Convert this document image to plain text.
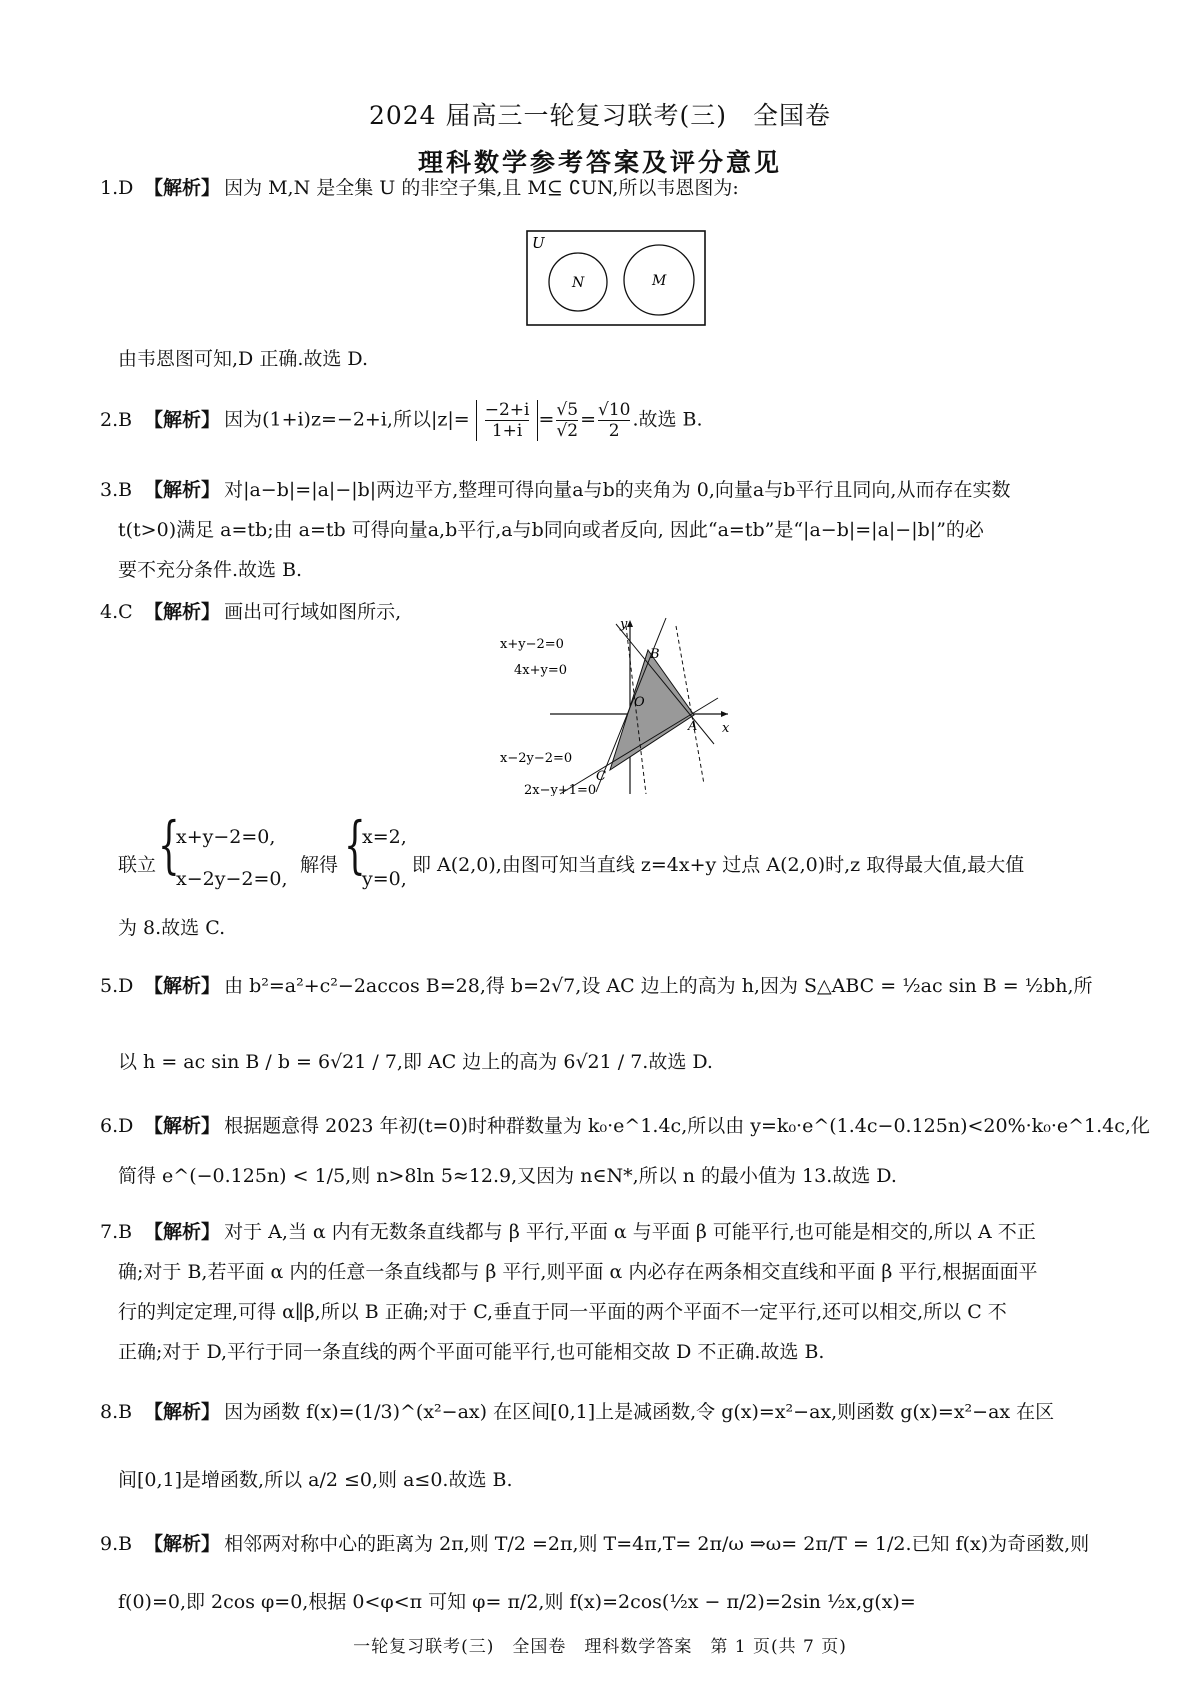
2024 届高三一轮复习联考(三)　全国卷
理科数学参考答案及评分意见
1.D 【解析】 因为 M,N 是全集 U 的非空子集,且 M⊆ ∁UN,所以韦恩图为:
U
N	M
由韦恩图可知,D 正确.故选 D.
2.B 【解析】 因为(1+i)z=−2+i,所以$|z|= \frac{-2+i}{1+i} = \frac{√5}{√2} = \frac{√10}{2}$ .故选 B.
3.B 【解析】 对|a−b|=|a|−|b|两边平方,整理可得向量a与b的夹角为 0,向量a与b平行且同向,从而存在实数
t(t>0)满足 a=tb;由 a=tb 可得向量a,b平行,a与b同向或者反向, 因此“a=tb”是“|a−b|=|a|−|b|”的必
要不充分条件.故选 B.
4.C 【解析】 画出可行域如图所示,
x+y−2=0
4x+y=0
x−2y−2=0
2x−y+1=0
x
y
O
A
B
C
联立 {
x+y−2=0,
x−2y−2=0,
解得 {
x=2,
y=0,
即 A(2,0),由图可知当直线 z=4x+y 过点 A(2,0)时,z 取得最大值,最大值
为 8.故选 C.
5.D 【解析】 由 b²=a²+c²−2accos B=28,得 b=2√7,设 AC 边上的高为 h,因为 S△ABC = ½ac sin B = ½bh,所
以 h = ac sin B / b = 6√21 / 7,即 AC 边上的高为 6√21 / 7.故选 D.
6.D 【解析】 根据题意得 2023 年初(t=0)时种群数量为 k₀·e^1.4c,所以由 y=k₀·e^(1.4c−0.125n)<20%·k₀·e^1.4c,化
简得 e^(−0.125n) < 1/5,则 n>8ln 5≈12.9,又因为 n∈N*,所以 n 的最小值为 13.故选 D.
7.B 【解析】 对于 A,当 α 内有无数条直线都与 β 平行,平面 α 与平面 β 可能平行,也可能是相交的,所以 A 不正
确;对于 B,若平面 α 内的任意一条直线都与 β 平行,则平面 α 内必存在两条相交直线和平面 β 平行,根据面面平
行的判定定理,可得 α∥β,所以 B 正确;对于 C,垂直于同一平面的两个平面不一定平行,还可以相交,所以 C 不
正确;对于 D,平行于同一条直线的两个平面可能平行,也可能相交故 D 不正确.故选 B.
8.B 【解析】 因为函数 f(x)=(1/3)^(x²−ax) 在区间[0,1]上是减函数,令 g(x)=x²−ax,则函数 g(x)=x²−ax 在区
间[0,1]是增函数,所以 a/2 ≤0,则 a≤0.故选 B.
9.B 【解析】 相邻两对称中心的距离为 2π,则 T/2 =2π,则 T=4π,T= 2π/ω ⇒ω= 2π/T = 1/2.已知 f(x)为奇函数,则
f(0)=0,即 2cos φ=0,根据 0<φ<π 可知 φ= π/2,则 f(x)=2cos(½x − π/2)=2sin ½x,g(x)=
一轮复习联考(三)　全国卷　理科数学答案　第 1 页(共 7 页)
